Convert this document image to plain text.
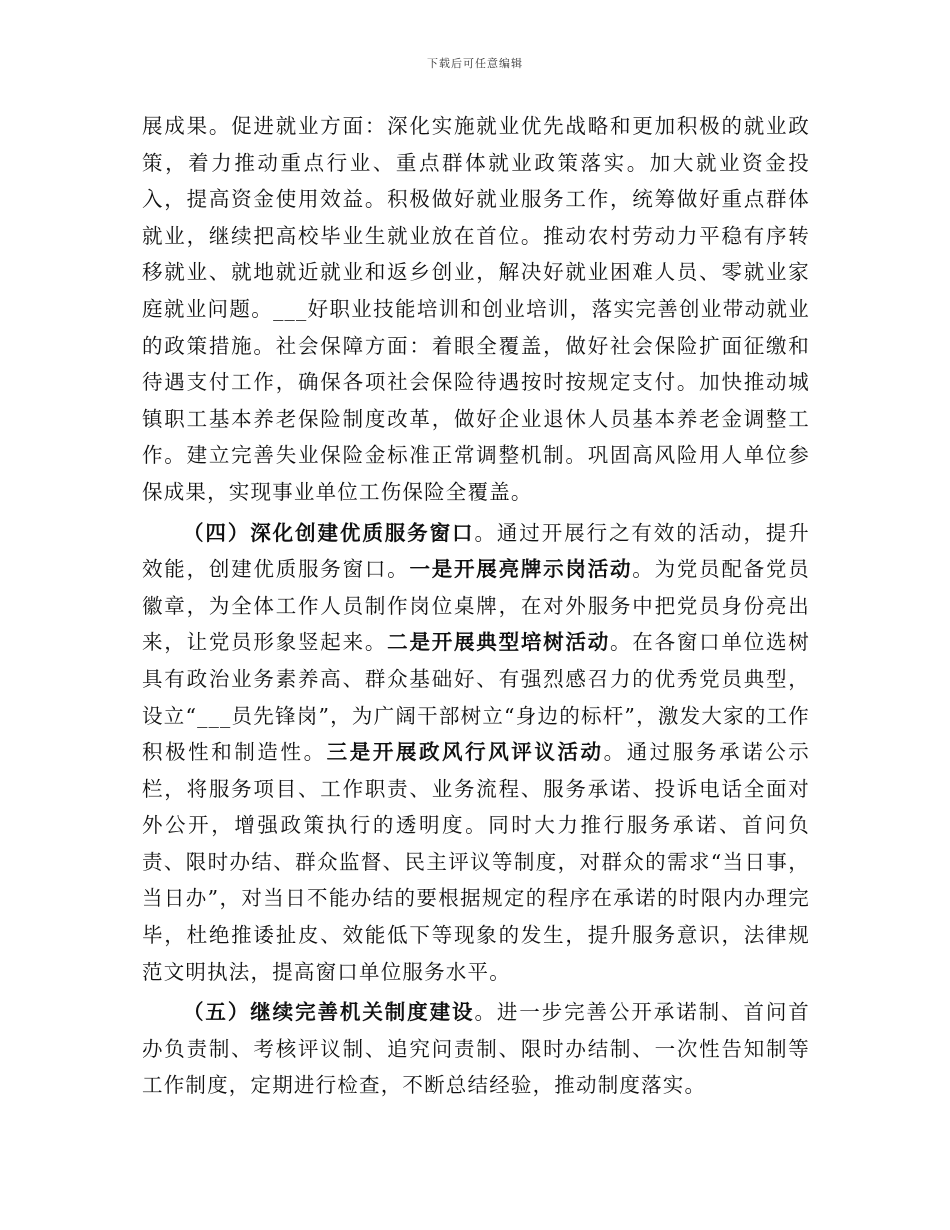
下载后可任意编辑

展成果。促进就业方面：深化实施就业优先战略和更加积极的就业政策，着力推动重点行业、重点群体就业政策落实。加大就业资金投入，提高资金使用效益。积极做好就业服务工作，统筹做好重点群体就业，继续把高校毕业生就业放在首位。推动农村劳动力平稳有序转移就业、就地就近就业和返乡创业，解决好就业困难人员、零就业家庭就业问题。___好职业技能培训和创业培训，落实完善创业带动就业的政策措施。社会保障方面：着眼全覆盖，做好社会保险扩面征缴和待遇支付工作，确保各项社会保险待遇按时按规定支付。加快推动城镇职工基本养老保险制度改革，做好企业退休人员基本养老金调整工作。建立完善失业保险金标准正常调整机制。巩固高风险用人单位参保成果，实现事业单位工伤保险全覆盖。

（四）深化创建优质服务窗口。通过开展行之有效的活动，提升效能，创建优质服务窗口。一是开展亮牌示岗活动。为党员配备党员徽章，为全体工作人员制作岗位桌牌，在对外服务中把党员身份亮出来，让党员形象竖起来。二是开展典型培树活动。在各窗口单位选树具有政治业务素养高、群众基础好、有强烈感召力的优秀党员典型，设立“___员先锋岗”，为广阔干部树立“身边的标杆”，激发大家的工作积极性和制造性。三是开展政风行风评议活动。通过服务承诺公示栏，将服务项目、工作职责、业务流程、服务承诺、投诉电话全面对外公开，增强政策执行的透明度。同时大力推行服务承诺、首问负责、限时办结、群众监督、民主评议等制度，对群众的需求“当日事，当日办”，对当日不能办结的要根据规定的程序在承诺的时限内办理完毕，杜绝推诿扯皮、效能低下等现象的发生，提升服务意识，法律规范文明执法，提高窗口单位服务水平。

（五）继续完善机关制度建设。进一步完善公开承诺制、首问首办负责制、考核评议制、追究问责制、限时办结制、一次性告知制等工作制度，定期进行检查，不断总结经验，推动制度落实。
